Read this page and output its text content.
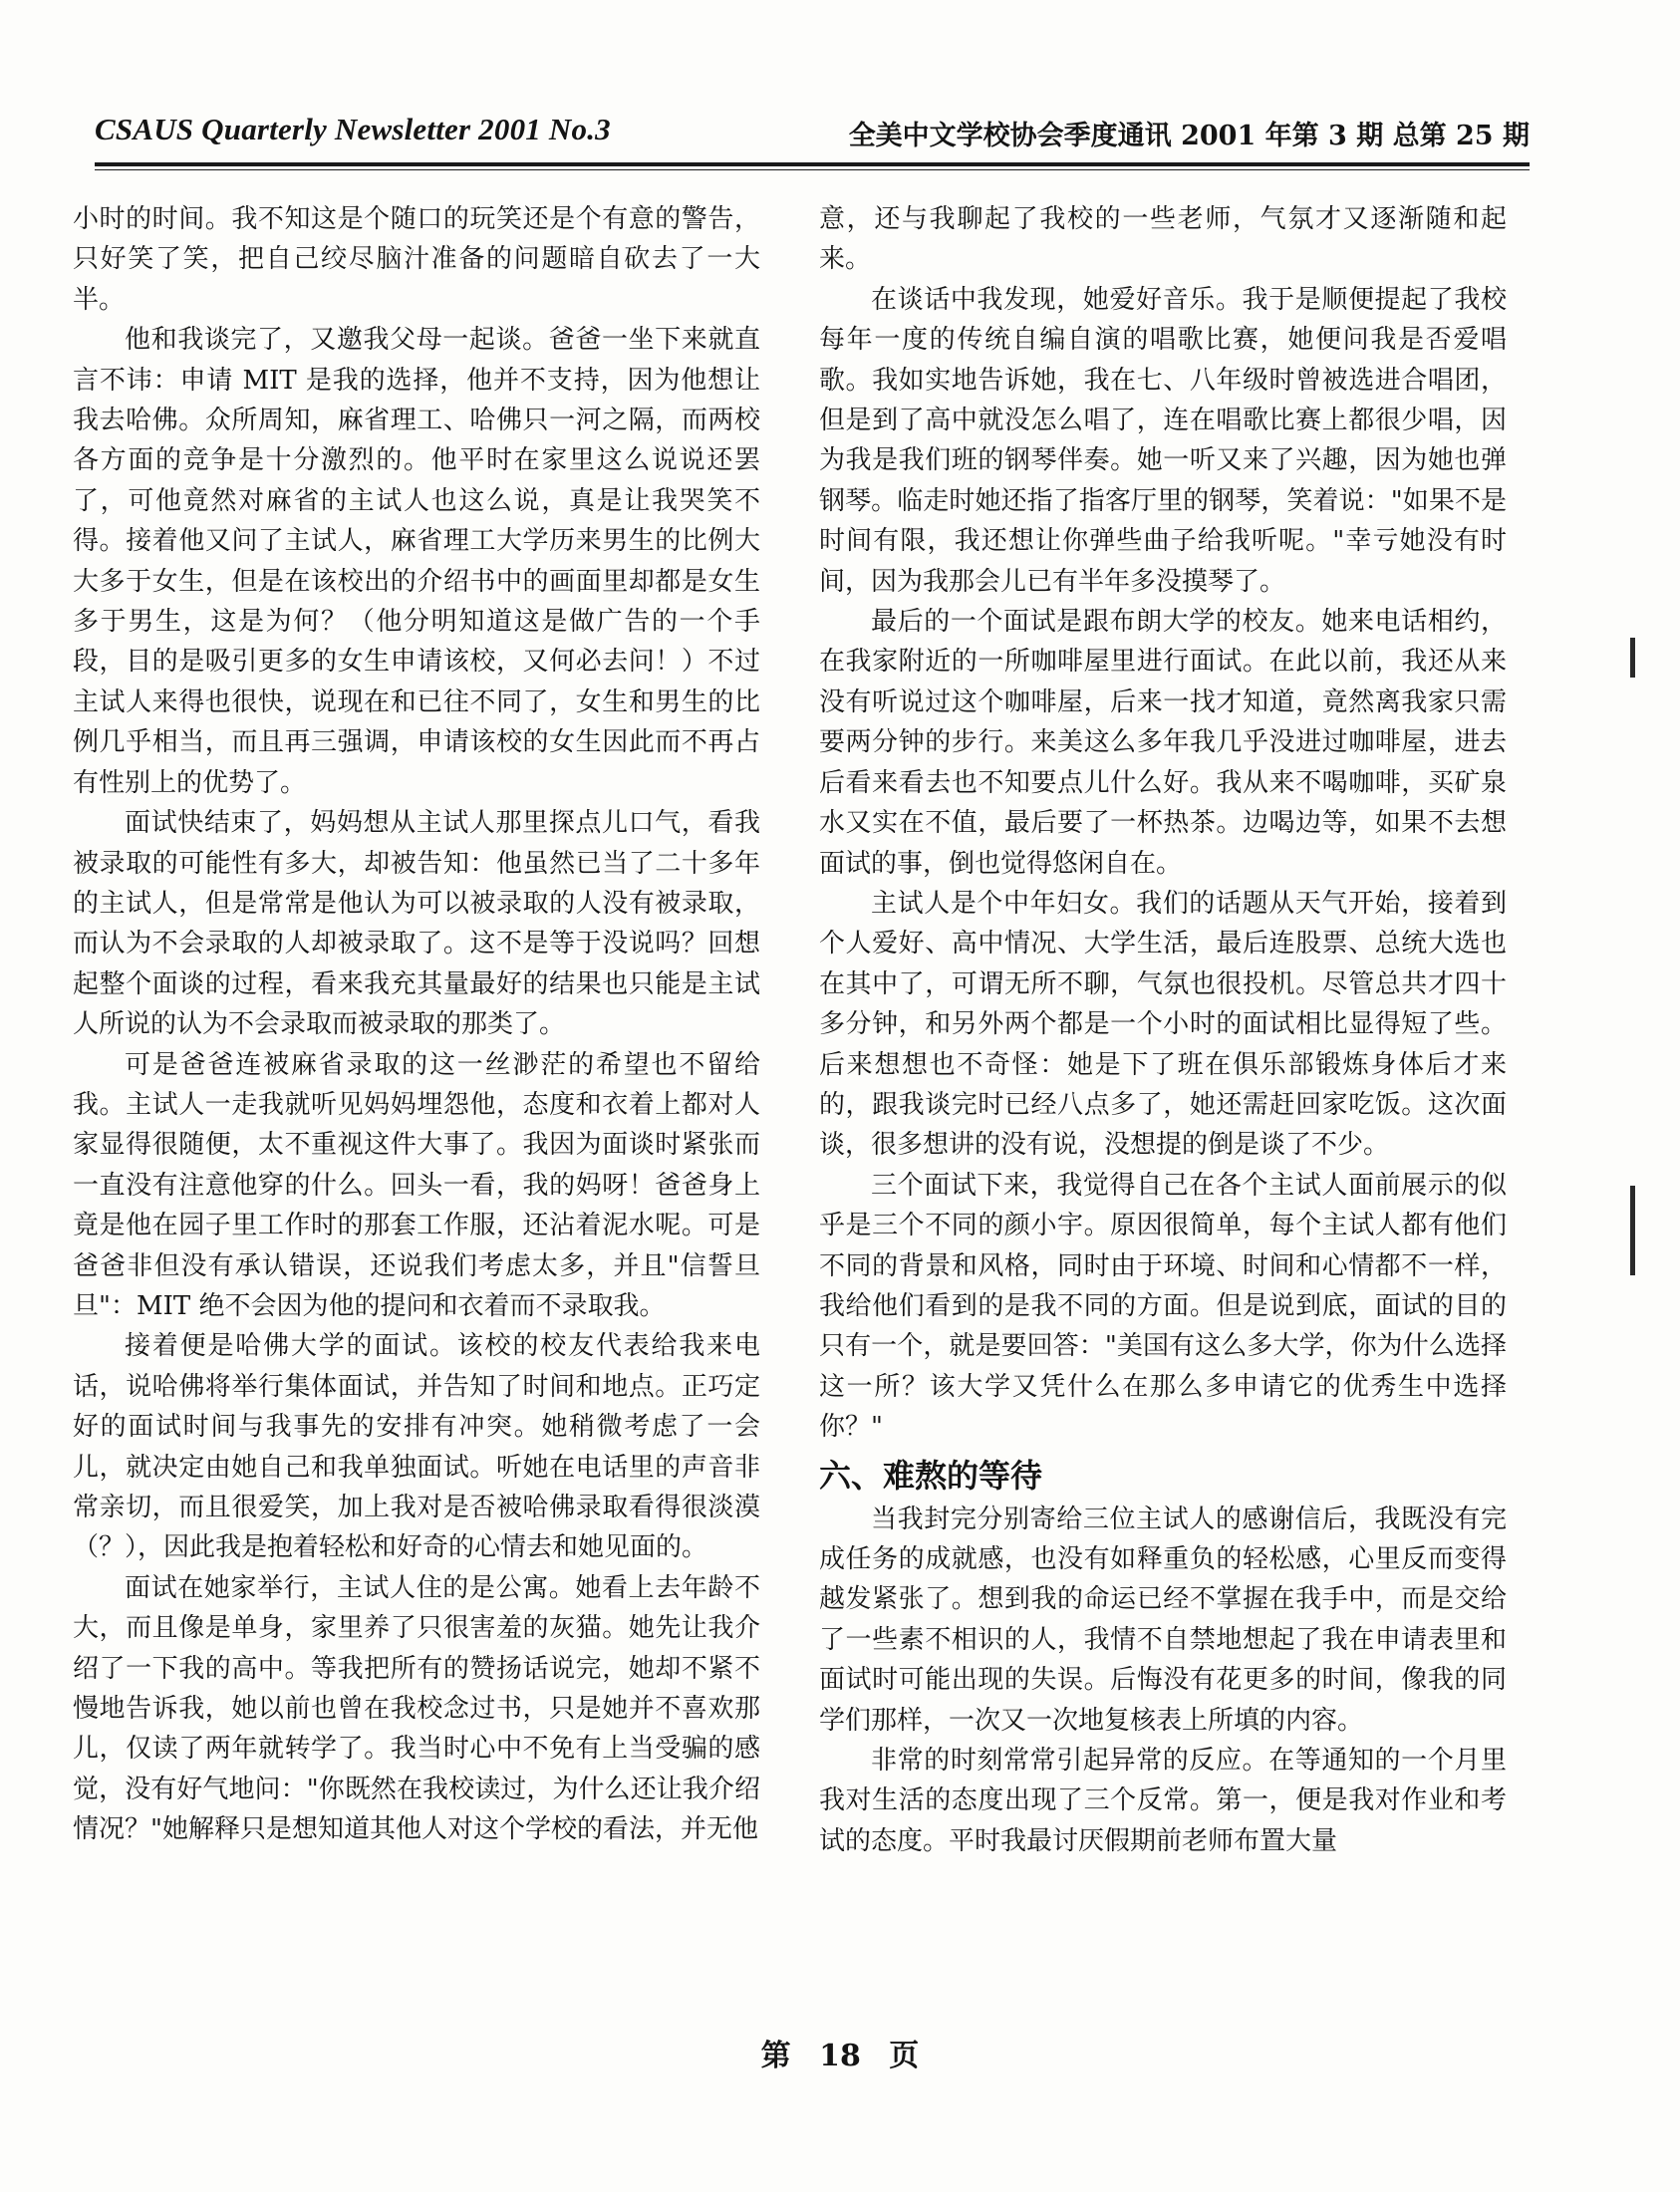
CSAUS Quarterly Newsletter 2001 No.3	全美中文学校协会季度通讯 2001 年第 3 期 总第 25 期

小时的时间。我不知这是个随口的玩笑还是个有意的警告，只好笑了笑，把自己绞尽脑汁准备的问题暗自砍去了一大半。

他和我谈完了，又邀我父母一起谈。爸爸一坐下来就直言不讳：申请 MIT 是我的选择，他并不支持，因为他想让我去哈佛。众所周知，麻省理工、哈佛只一河之隔，而两校各方面的竞争是十分激烈的。他平时在家里这么说说还罢了，可他竟然对麻省的主试人也这么说，真是让我哭笑不得。接着他又问了主试人，麻省理工大学历来男生的比例大大多于女生，但是在该校出的介绍书中的画面里却都是女生多于男生，这是为何？（他分明知道这是做广告的一个手段，目的是吸引更多的女生申请该校，又何必去问！）不过主试人来得也很快，说现在和已往不同了，女生和男生的比例几乎相当，而且再三强调，申请该校的女生因此而不再占有性别上的优势了。

面试快结束了，妈妈想从主试人那里探点儿口气，看我被录取的可能性有多大，却被告知：他虽然已当了二十多年的主试人，但是常常是他认为可以被录取的人没有被录取，而认为不会录取的人却被录取了。这不是等于没说吗？回想起整个面谈的过程，看来我充其量最好的结果也只能是主试人所说的认为不会录取而被录取的那类了。

可是爸爸连被麻省录取的这一丝渺茫的希望也不留给我。主试人一走我就听见妈妈埋怨他，态度和衣着上都对人家显得很随便，太不重视这件大事了。我因为面谈时紧张而一直没有注意他穿的什么。回头一看，我的妈呀！爸爸身上竟是他在园子里工作时的那套工作服，还沾着泥水呢。可是爸爸非但没有承认错误，还说我们考虑太多，并且"信誓旦旦"：MIT 绝不会因为他的提问和衣着而不录取我。

接着便是哈佛大学的面试。该校的校友代表给我来电话，说哈佛将举行集体面试，并告知了时间和地点。正巧定好的面试时间与我事先的安排有冲突。她稍微考虑了一会儿，就决定由她自己和我单独面试。听她在电话里的声音非常亲切，而且很爱笑，加上我对是否被哈佛录取看得很淡漠（？），因此我是抱着轻松和好奇的心情去和她见面的。

面试在她家举行，主试人住的是公寓。她看上去年龄不大，而且像是单身，家里养了只很害羞的灰猫。她先让我介绍了一下我的高中。等我把所有的赞扬话说完，她却不紧不慢地告诉我，她以前也曾在我校念过书，只是她并不喜欢那儿，仅读了两年就转学了。我当时心中不免有上当受骗的感觉，没有好气地问："你既然在我校读过，为什么还让我介绍情况？"她解释只是想知道其他人对这个学校的看法，并无他

意，还与我聊起了我校的一些老师，气氛才又逐渐随和起来。

在谈话中我发现，她爱好音乐。我于是顺便提起了我校每年一度的传统自编自演的唱歌比赛，她便问我是否爱唱歌。我如实地告诉她，我在七、八年级时曾被选进合唱团，但是到了高中就没怎么唱了，连在唱歌比赛上都很少唱，因为我是我们班的钢琴伴奏。她一听又来了兴趣，因为她也弹钢琴。临走时她还指了指客厅里的钢琴，笑着说："如果不是时间有限，我还想让你弹些曲子给我听呢。"幸亏她没有时间，因为我那会儿已有半年多没摸琴了。

最后的一个面试是跟布朗大学的校友。她来电话相约，在我家附近的一所咖啡屋里进行面试。在此以前，我还从来没有听说过这个咖啡屋，后来一找才知道，竟然离我家只需要两分钟的步行。来美这么多年我几乎没进过咖啡屋，进去后看来看去也不知要点儿什么好。我从来不喝咖啡，买矿泉水又实在不值，最后要了一杯热茶。边喝边等，如果不去想面试的事，倒也觉得悠闲自在。

主试人是个中年妇女。我们的话题从天气开始，接着到个人爱好、高中情况、大学生活，最后连股票、总统大选也在其中了，可谓无所不聊，气氛也很投机。尽管总共才四十多分钟，和另外两个都是一个小时的面试相比显得短了些。后来想想也不奇怪：她是下了班在俱乐部锻炼身体后才来的，跟我谈完时已经八点多了，她还需赶回家吃饭。这次面谈，很多想讲的没有说，没想提的倒是谈了不少。

三个面试下来，我觉得自己在各个主试人面前展示的似乎是三个不同的颜小宇。原因很简单，每个主试人都有他们不同的背景和风格，同时由于环境、时间和心情都不一样，我给他们看到的是我不同的方面。但是说到底，面试的目的只有一个，就是要回答："美国有这么多大学，你为什么选择这一所？该大学又凭什么在那么多申请它的优秀生中选择你？"

六、难熬的等待

当我封完分别寄给三位主试人的感谢信后，我既没有完成任务的成就感，也没有如释重负的轻松感，心里反而变得越发紧张了。想到我的命运已经不掌握在我手中，而是交给了一些素不相识的人，我情不自禁地想起了我在申请表里和面试时可能出现的失误。后悔没有花更多的时间，像我的同学们那样，一次又一次地复核表上所填的内容。

非常的时刻常常引起异常的反应。在等通知的一个月里我对生活的态度出现了三个反常。第一，便是我对作业和考试的态度。平时我最讨厌假期前老师布置大量

第 18 页
